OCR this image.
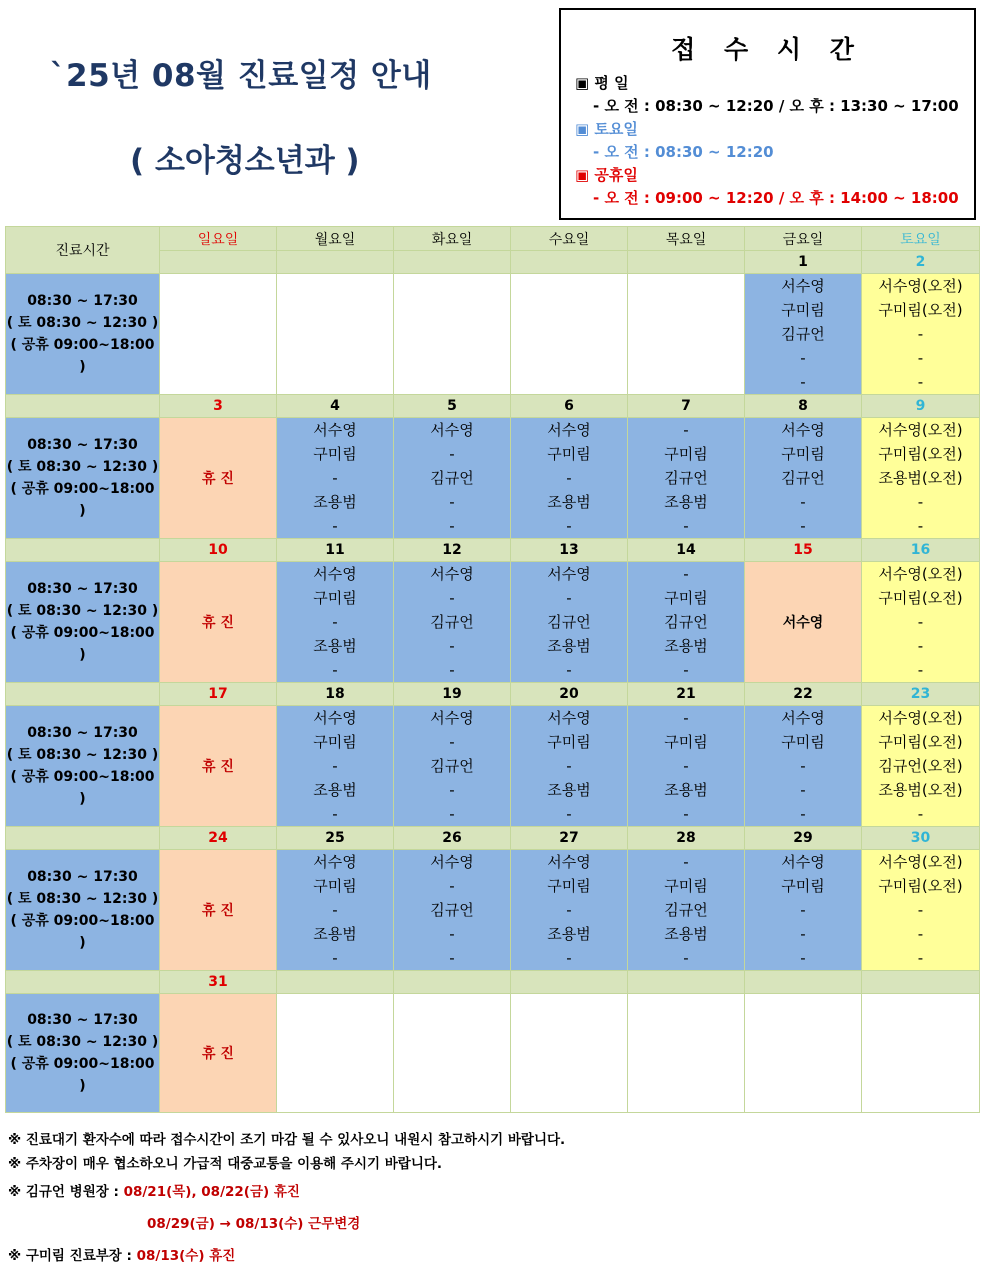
`25년 08월 진료일정 안내
( 소아청소년과 )
접 수 시 간
▣ 평 일
- 오 전 : 08:30 ~ 12:20 / 오 후 : 13:30 ~ 17:00
▣ 토요일
- 오 전 : 08:30 ~ 12:20
▣ 공휴일
- 오 전 : 09:00 ~ 12:20 / 오 후 : 14:00 ~ 18:00
진료시간	일요일	월요일	화요일	수요일	목요일	금요일	토요일
						1	2

08:30 ~ 17:30
( 토 08:30 ~ 12:30 )
( 공휴 09:00~18:00 )						서수영
구미림
김규언
-
-	서수영(오전)
구미림(오전)
-
-
-

	3	4	5	6	7	8	9

08:30 ~ 17:30
( 토 08:30 ~ 12:30 )
( 공휴 09:00~18:00 )	휴 진	서수영
구미림
-
조용범
-	서수영
-
김규언
-
-	서수영
구미림
-
조용범
-	-
구미림
김규언
조용범
-	서수영
구미림
김규언
-
-	서수영(오전)
구미림(오전)
조용범(오전)
-
-

	10	11	12	13	14	15	16

08:30 ~ 17:30
( 토 08:30 ~ 12:30 )
( 공휴 09:00~18:00 )	휴 진	서수영
구미림
-
조용범
-	서수영
-
김규언
-
-	서수영
-
김규언
조용범
-	-
구미림
김규언
조용범
-	서수영	서수영(오전)
구미림(오전)
-
-
-

	17	18	19	20	21	22	23

08:30 ~ 17:30
( 토 08:30 ~ 12:30 )
( 공휴 09:00~18:00 )	휴 진	서수영
구미림
-
조용범
-	서수영
-
김규언
-
-	서수영
구미림
-
조용범
-	-
구미림
-
조용범
-	서수영
구미림
-
-
-	서수영(오전)
구미림(오전)
김규언(오전)
조용범(오전)
-

	24	25	26	27	28	29	30

08:30 ~ 17:30
( 토 08:30 ~ 12:30 )
( 공휴 09:00~18:00 )	휴 진	서수영
구미림
-
조용범
-	서수영
-
김규언
-
-	서수영
구미림
-
조용범
-	-
구미림
김규언
조용범
-	서수영
구미림
-
-
-	서수영(오전)
구미림(오전)
-
-
-

	31						

08:30 ~ 17:30
( 토 08:30 ~ 12:30 )
( 공휴 09:00~18:00 )	휴 진						
※ 진료대기 환자수에 따라 접수시간이 조기 마감 될 수 있사오니 내원시 참고하시기 바랍니다.
※ 주차장이 매우 협소하오니 가급적 대중교통을 이용해 주시기 바랍니다.
※ 김규언 병원장 : 08/21(목), 08/22(금) 휴진
08/29(금) → 08/13(수) 근무변경
※ 구미림 진료부장 : 08/13(수) 휴진
